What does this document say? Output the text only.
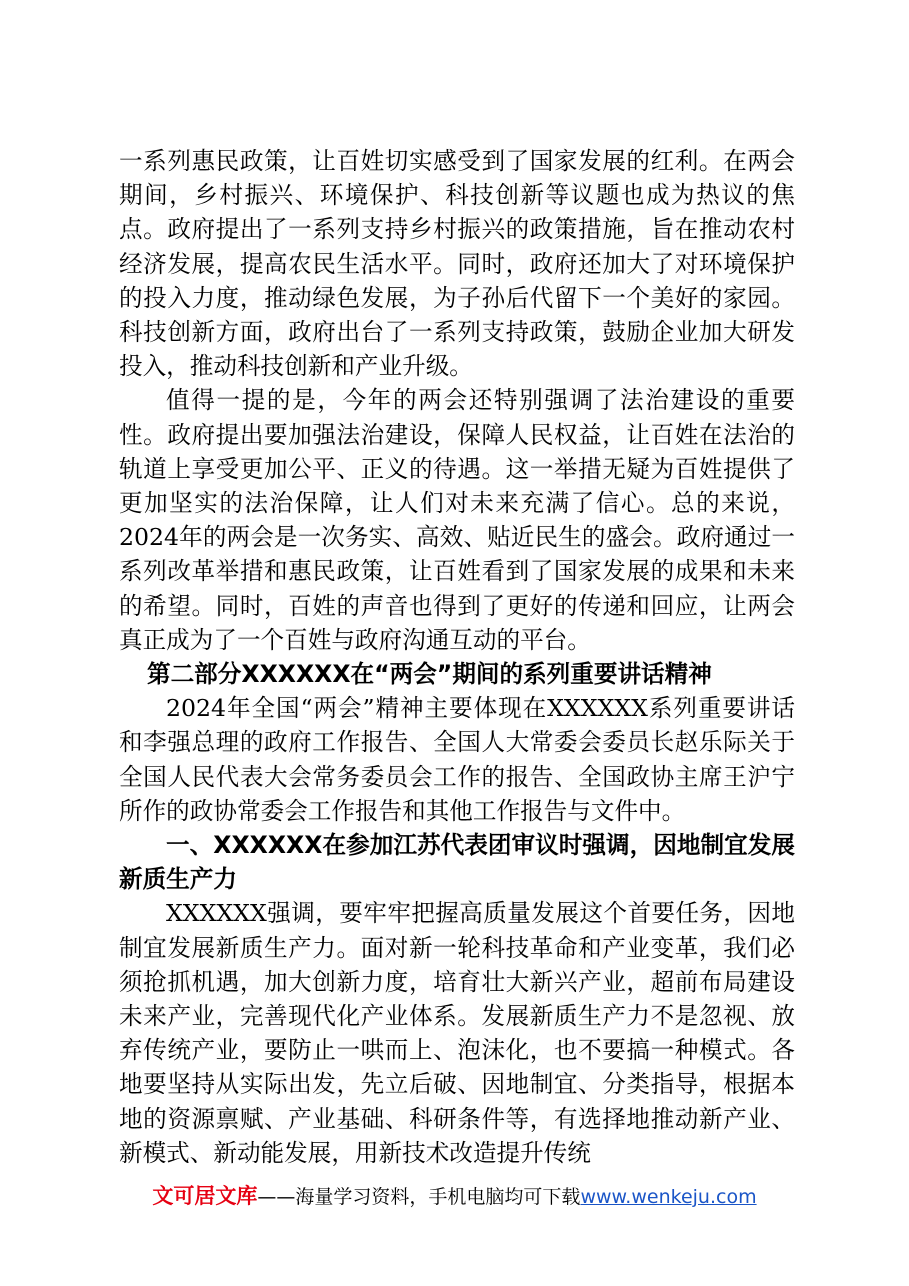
一系列惠民政策，让百姓切实感受到了国家发展的红利。在两会期间，乡村振兴、环境保护、科技创新等议题也成为热议的焦点。政府提出了一系列支持乡村振兴的政策措施，旨在推动农村经济发展，提高农民生活水平。同时，政府还加大了对环境保护的投入力度，推动绿色发展，为子孙后代留下一个美好的家园。科技创新方面，政府出台了一系列支持政策，鼓励企业加大研发投入，推动科技创新和产业升级。

值得一提的是，今年的两会还特别强调了法治建设的重要性。政府提出要加强法治建设，保障人民权益，让百姓在法治的轨道上享受更加公平、正义的待遇。这一举措无疑为百姓提供了更加坚实的法治保障，让人们对未来充满了信心。总的来说，2024年的两会是一次务实、高效、贴近民生的盛会。政府通过一系列改革举措和惠民政策，让百姓看到了国家发展的成果和未来的希望。同时，百姓的声音也得到了更好的传递和回应，让两会真正成为了一个百姓与政府沟通互动的平台。

第二部分XXXXXX在“两会”期间的系列重要讲话精神

2024年全国“两会”精神主要体现在XXXXXX系列重要讲话和李强总理的政府工作报告、全国人大常委会委员长赵乐际关于全国人民代表大会常务委员会工作的报告、全国政协主席王沪宁所作的政协常委会工作报告和其他工作报告与文件中。

一、XXXXXX在参加江苏代表团审议时强调，因地制宜发展新质生产力

XXXXXX强调，要牢牢把握高质量发展这个首要任务，因地制宜发展新质生产力。面对新一轮科技革命和产业变革，我们必须抢抓机遇，加大创新力度，培育壮大新兴产业，超前布局建设未来产业，完善现代化产业体系。发展新质生产力不是忽视、放弃传统产业，要防止一哄而上、泡沫化，也不要搞一种模式。各地要坚持从实际出发，先立后破、因地制宜、分类指导，根据本地的资源禀赋、产业基础、科研条件等，有选择地推动新产业、新模式、新动能发展，用新技术改造提升传统

文可居文库——海量学习资料，手机电脑均可下载www.wenkeju.com
